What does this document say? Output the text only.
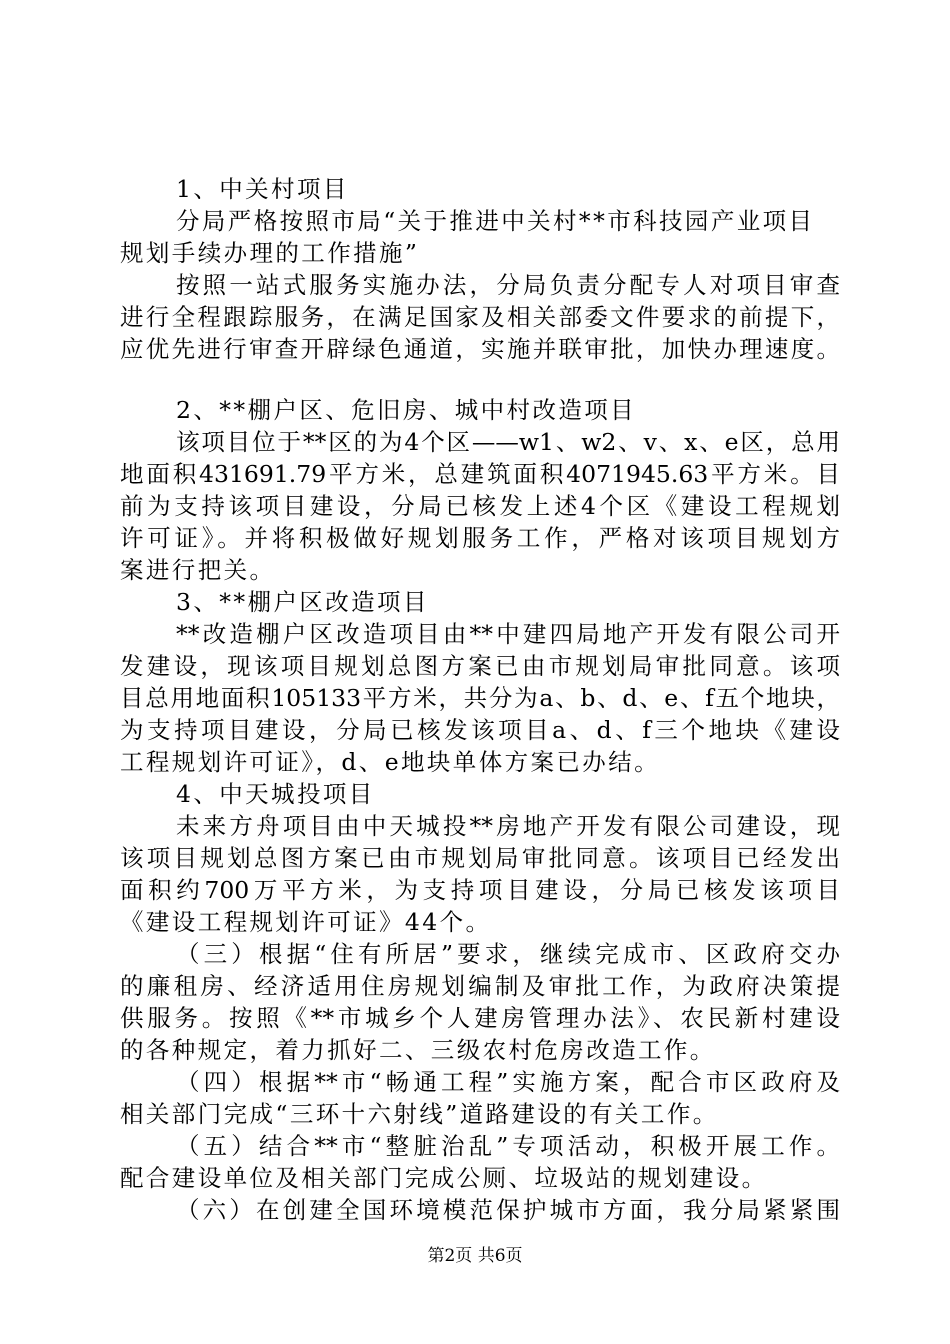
1、中关村项目
分局严格按照市局“关于推进中关村**市科技园产业项目
规划手续办理的工作措施”
按照一站式服务实施办法，分局负责分配专人对项目审查
进行全程跟踪服务，在满足国家及相关部委文件要求的前提下，
应优先进行审查开辟绿色通道，实施并联审批，加快办理速度。
2、**棚户区、危旧房、城中村改造项目
该项目位于**区的为4个区——w1、w2、v、x、e区，总用
地面积431691.79平方米，总建筑面积4071945.63平方米。目
前为支持该项目建设，分局已核发上述4个区《建设工程规划
许可证》。并将积极做好规划服务工作，严格对该项目规划方
案进行把关。
3、**棚户区改造项目
**改造棚户区改造项目由**中建四局地产开发有限公司开
发建设，现该项目规划总图方案已由市规划局审批同意。该项
目总用地面积105133平方米，共分为a、b、d、e、f五个地块，
为支持项目建设，分局已核发该项目a、d、f三个地块《建设
工程规划许可证》，d、e地块单体方案已办结。
4、中天城投项目
未来方舟项目由中天城投**房地产开发有限公司建设，现
该项目规划总图方案已由市规划局审批同意。该项目已经发出
面积约700万平方米，为支持项目建设，分局已核发该项目
《建设工程规划许可证》44个。
（三）根据“住有所居”要求，继续完成市、区政府交办
的廉租房、经济适用住房规划编制及审批工作，为政府决策提
供服务。按照《**市城乡个人建房管理办法》、农民新村建设
的各种规定，着力抓好二、三级农村危房改造工作。
（四）根据**市“畅通工程”实施方案，配合市区政府及
相关部门完成“三环十六射线”道路建设的有关工作。
（五）结合**市“整脏治乱”专项活动，积极开展工作。
配合建设单位及相关部门完成公厕、垃圾站的规划建设。
（六）在创建全国环境模范保护城市方面，我分局紧紧围
第2页 共6页
